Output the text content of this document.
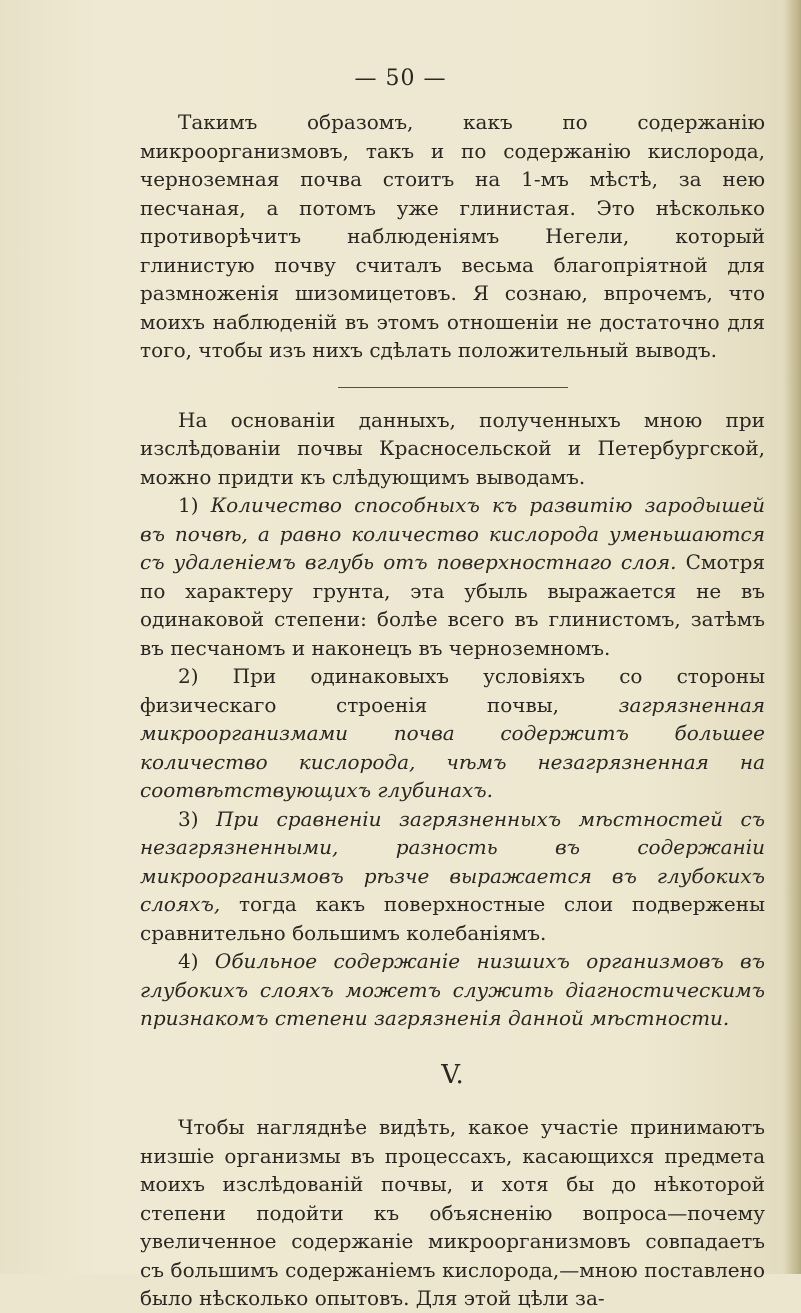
— 50 —

Такимъ образомъ, какъ по содержанію микроорганизмовъ, такъ и по содержанію кислорода, черноземная почва стоитъ на 1-мъ мѣстѣ, за нею песчаная, а потомъ уже глинистая. Это нѣсколько противорѣчитъ наблюденіямъ Негели, который глинистую почву считалъ весьма благопріятной для размноженія шизомицетовъ. Я сознаю, впрочемъ, что моихъ наблюденій въ этомъ отношеніи не достаточно для того, чтобы изъ нихъ сдѣлать положительный выводъ.

На основаніи данныхъ, полученныхъ мною при изслѣдованіи почвы Красносельской и Петербургской, можно придти къ слѣдующимъ выводамъ.

1) Количество способныхъ къ развитію зародышей въ почвѣ, а равно количество кислорода уменьшаются съ удаленіемъ вглубь отъ поверхностнаго слоя. Смотря по характеру грунта, эта убыль выражается не въ одинаковой степени: болѣе всего въ глинистомъ, затѣмъ въ песчаномъ и наконецъ въ черноземномъ.

2) При одинаковыхъ условіяхъ со стороны физическаго строенія почвы,	загрязненная микроорганизмами почва содержитъ большее количество кислорода, чѣмъ незагрязненная на соотвѣтствующихъ глубинахъ.

3) При сравненіи загрязненныхъ мѣстностей съ незагрязненными, разность въ содержаніи микроорганизмовъ рѣзче выражается въ глубокихъ слояхъ, тогда какъ поверхностные слои подвержены сравнительно большимъ колебаніямъ.

4) Обильное содержаніе низшихъ организмовъ въ глубокихъ слояхъ можетъ служить діагностическимъ признакомъ степени загрязненія данной мѣстности.

V.

Чтобы нагляднѣе видѣть, какое участіе принимаютъ низшіе организмы въ процессахъ, касающихся предмета моихъ изслѣдованій почвы, и хотя бы до нѣкоторой степени подойти къ объясненію вопроса—почему увеличенное содержаніе микроорганизмовъ совпадаетъ съ большимъ содержаніемъ кислорода,—мною поставлено было нѣсколько опытовъ. Для этой цѣли за-
